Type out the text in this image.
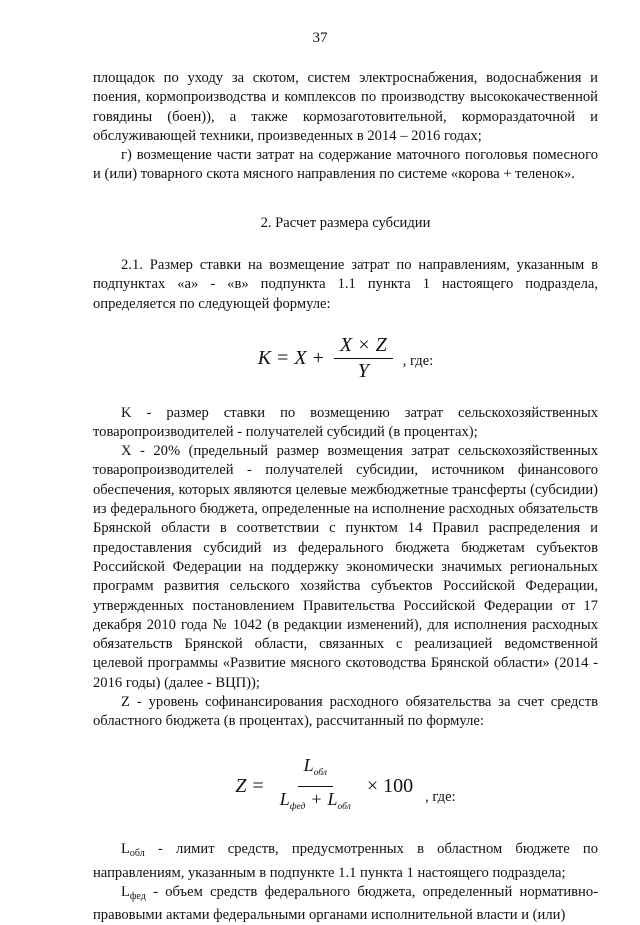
37

площадок по уходу за скотом, систем электроснабжения, водоснабжения и поения, кормопроизводства и комплексов по производству высококачественной говядины (боен)), а также кормозаготовительной, кормораздаточной и обслуживающей техники, произведенных в 2014 – 2016 годах;

г) возмещение части затрат на содержание маточного поголовья помесного и (или) товарного скота мясного направления по системе «корова + теленок».

2. Расчет размера субсидии

2.1. Размер ставки на возмещение затрат по направлениям, указанным в подпунктах «а» - «в» подпункта 1.1 пункта 1 настоящего подраздела, определяется по следующей формуле:

$K = X + \frac{X \times Z}{Y}$ , где:

K - размер ставки по возмещению затрат сельскохозяйственных товаропроизводителей - получателей субсидий (в процентах);

X - 20% (предельный размер возмещения затрат сельскохозяйственных товаропроизводителей - получателей субсидии, источником финансового обеспечения, которых являются целевые межбюджетные трансферты (субсидии) из федерального бюджета, определенные на исполнение расходных обязательств Брянской области в соответствии с пунктом 14 Правил распределения и предоставления субсидий из федерального бюджета бюджетам субъектов Российской Федерации на поддержку экономически значимых региональных программ развития сельского хозяйства субъектов Российской Федерации, утвержденных постановлением Правительства Российской Федерации от 17 декабря 2010 года № 1042 (в редакции изменений), для исполнения расходных обязательств Брянской области, связанных с реализацией ведомственной целевой программы «Развитие мясного скотоводства Брянской области» (2014 - 2016 годы) (далее - ВЦП));

Z - уровень софинансирования расходного обязательства за счет средств областного бюджета (в процентах), рассчитанный по формуле:

$Z = \frac{L_{обл}}{L_{фед} + L_{обл}} \times 100$
, где:

$L_{обл}$ - лимит средств, предусмотренных в областном бюджете по направлениям, указанным в подпункте 1.1 пункта 1 настоящего подраздела;

$L_{фед}$ - объем средств федерального бюджета, определенный нормативно-правовыми актами федеральными органами исполнительной власти и (или)
